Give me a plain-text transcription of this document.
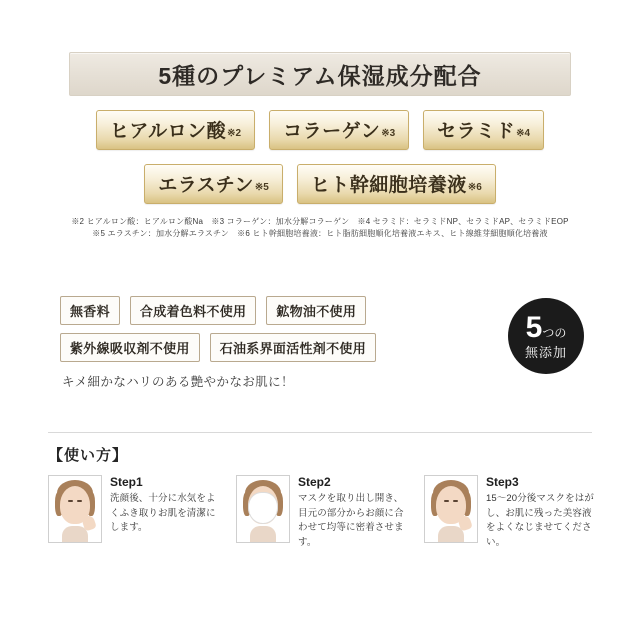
5種のプレミアム保湿成分配合
ヒアルロン酸 ※2 コラーゲン ※3 セラミド ※4
エラスチン ※5 ヒト幹細胞培養液 ※6
※2 ヒアルロン酸：ヒアルロン酸Na　※3 コラーゲン：加水分解コラーゲン　※4 セラミド：セラミドNP、セラミドAP、セラミドEOP
※5 エラスチン：加水分解エラスチン　※6 ヒト幹細胞培養液：ヒト脂肪細胞順化培養液エキス、ヒト線維芽細胞順化培養液
無香料	合成着色料不使用	鉱物油不使用
紫外線吸収剤不使用	石油系界面活性剤不使用
5つの
無添加
キメ細かなハリのある艶やかなお肌に！
【使い方】
Step1
洗顔後、十分に水気をよくふき取りお肌を清潔にします。
Step2
マスクを取り出し開き、目元の部分からお顔に合わせて均等に密着させます。
Step3
15～20分後マスクをはがし、お肌に残った美容液をよくなじませてください。
